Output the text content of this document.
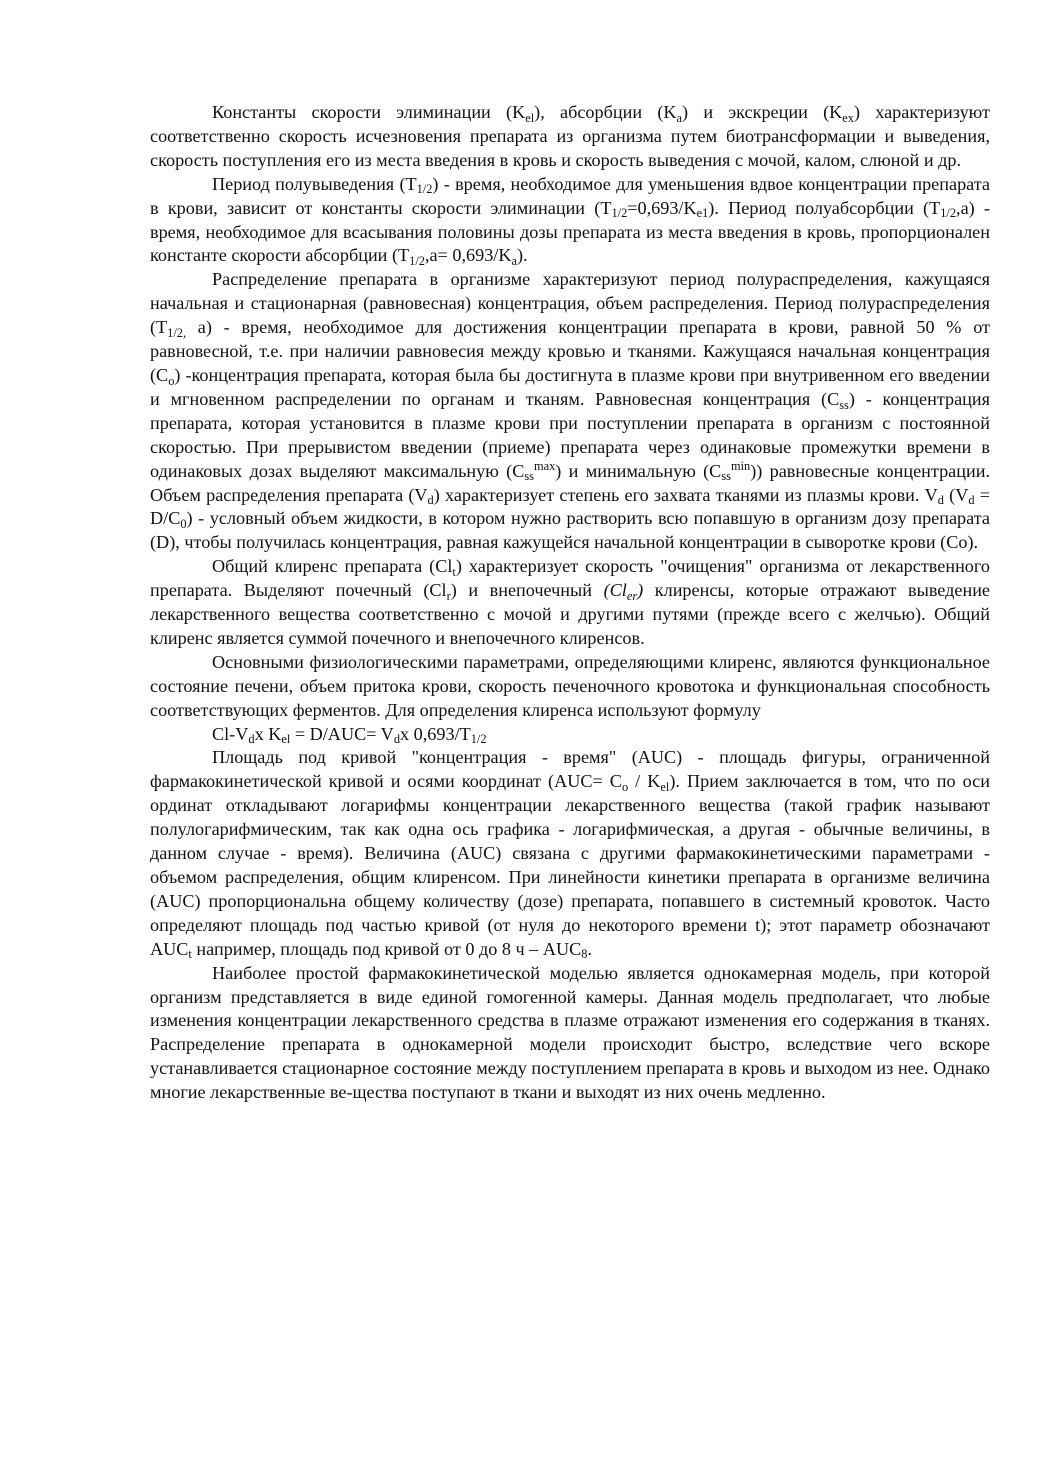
Константы скорости элиминации $(K_{el})$, абсорбции $(K_a)$ и экскреции $(K_{ex})$ характеризуют соответственно скорость исчезновения препарата из организма путем биотрансформации и выведения, скорость поступления его из места введения в кровь и скорость выведения с мочой, калом, слюной и др.

Период полувыведения $(T_{1/2})$ - время, необходимое для уменьшения вдвое концентрации препарата в крови, зависит от константы скорости элиминации $(T_{1/2}=0,693/K_{e1})$. Период полуабсорбции $(T_{1/2},a)$ - время, необходимое для всасывания половины дозы препарата из места введения в кровь, пропорционален константе скорости абсорбции $(T_{1/2},a= 0,693/K_a)$.

Распределение препарата в организме характеризуют период полураспределения, кажущаяся начальная и стационарная (равновесная) концентрация, объем распределения. Период полураспределения ($T_{1/2,}$ a) - время, необходимое для достижения концентрации препарата в крови, равной 50 % от равновесной, т.е. при наличии равновесия между кровью и тканями. Кажущаяся начальная концентрация $(C_o)$ -концентрация препарата, которая была бы достигнута в плазме крови при внутривенном его введении и мгновенном распределении по органам и тканям. Равновесная концентрация $(C_{ss})$ - концентрация препарата, которая установится в плазме крови при поступлении препарата в организм с постоянной скоростью. При прерывистом введении (приеме) препарата через одинаковые промежутки времени в одинаковых дозах выделяют максимальную $(C_{ss}^{max})$ и минимальную $(C_{ss}^{min})$) равновесные концентрации. Объем распределения препарата $(V_d)$ характеризует степень его захвата тканями из плазмы крови. $V_d$ $(V_d = D/C_0)$ - условный объем жидкости, в котором нужно растворить всю попавшую в организм дозу препарата (D), чтобы получилась концентрация, равная кажущейся начальной концентрации в сыворотке крови (Co).

Общий клиренс препарата $(Cl_t)$ характеризует скорость "очищения" организма от лекарственного препарата. Выделяют почечный $(Cl_r)$ и внепочечный $(Cl_{er})$ клиренсы, которые отражают выведение лекарственного вещества соответственно с мочой и другими путями (прежде всего с желчью). Общий клиренс является суммой почечного и внепочечного клиренсов.

Основными физиологическими параметрами, определяющими клиренс, являются функциональное состояние печени, объем притока крови, скорость печеночного кровотока и функциональная способность соответствующих ферментов. Для определения клиренса используют формулу

$Cl-V_dx$ $K_{el} = D/AUC= V_dx$ $0,693/T_{1/2}$

Площадь под кривой "концентрация - время" (AUC) - площадь фигуры, ограниченной фармакокинетической кривой и осями координат $(AUC= C_o / K_{el})$. Прием заключается в том, что по оси ординат откладывают логарифмы концентрации лекарственного вещества (такой график называют полулогарифмическим, так как одна ось графика - логарифмическая, а другая - обычные величины, в данном случае - время). Величина (AUC) связана с другими фармакокинетическими параметрами - объемом распределения, общим клиренсом. При линейности кинетики препарата в организме величина (AUC) пропорциональна общему количеству (дозе) препарата, попавшего в системный кровоток. Часто определяют площадь под частью кривой (от нуля до некоторого времени t); этот параметр обозначают $AUC_t$ например, площадь под кривой от 0 до 8 ч – $AUC_8$.

Наиболее простой фармакокинетической моделью является однокамерная модель, при которой организм представляется в виде единой гомогенной камеры. Данная модель предполагает, что любые изменения концентрации лекарственного средства в плазме отражают изменения его содержания в тканях. Распределение препарата в однокамерной модели происходит быстро, вследствие чего вскоре устанавливается стационарное состояние между поступлением препарата в кровь и выходом из нее. Однако многие лекарственные ве-щества поступают в ткани и выходят из них очень медленно.
